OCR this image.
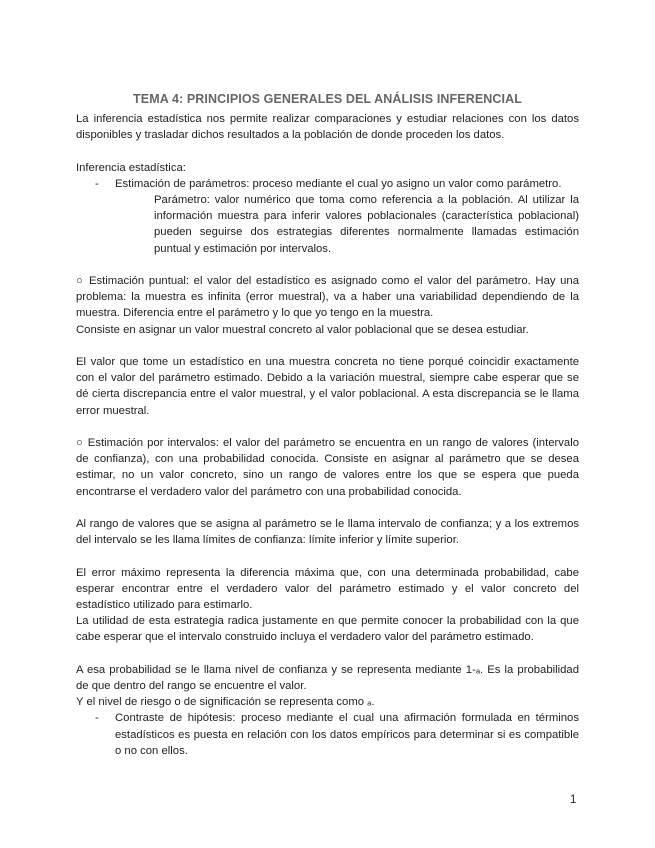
TEMA 4: PRINCIPIOS GENERALES DEL ANÁLISIS INFERENCIAL

La inferencia estadística nos permite realizar comparaciones y estudiar relaciones con los datos disponibles y trasladar dichos resultados a la población de donde proceden los datos.

Inferencia estadística:

- Estimación de parámetros: proceso mediante el cual yo asigno un valor como parámetro.

Parámetro: valor numérico que toma como referencia a la población. Al utilizar la información muestra para inferir valores poblacionales (característica poblacional) pueden seguirse dos estrategias diferentes normalmente llamadas estimación puntual y estimación por intervalos.

○ Estimación puntual: el valor del estadístico es asignado como el valor del parámetro. Hay una problema: la muestra es infinita (error muestral), va a haber una variabilidad dependiendo de la muestra. Diferencia entre el parámetro y lo que yo tengo en la muestra.

Consiste en asignar un valor muestral concreto al valor poblacional que se desea estudiar.

El valor que tome un estadístico en una muestra concreta no tiene porqué coincidir exactamente con el valor del parámetro estimado. Debido a la variación muestral, siempre cabe esperar que se dé cierta discrepancia entre el valor muestral, y el valor poblacional. A esta discrepancia se le llama error muestral.

○ Estimación por intervalos: el valor del parámetro se encuentra en un rango de valores (intervalo de confianza), con una probabilidad conocida. Consiste en asignar al parámetro que se desea estimar, no un valor concreto, sino un rango de valores entre los que se espera que pueda encontrarse el verdadero valor del parámetro con una probabilidad conocida.

Al rango de valores que se asigna al parámetro se le llama intervalo de confianza; y a los extremos del intervalo se les llama límites de confianza: límite inferior y límite superior.

El error máximo representa la diferencia máxima que, con una determinada probabilidad, cabe esperar encontrar entre el verdadero valor del parámetro estimado y el valor concreto del estadístico utilizado para estimarlo.

La utilidad de esta estrategia radica justamente en que permite conocer la probabilidad con la que cabe esperar que el intervalo construido incluya el verdadero valor del parámetro estimado.

A esa probabilidad se le llama nivel de confianza y se representa mediante 1-ₐ. Es la probabilidad de que dentro del rango se encuentre el valor.

Y el nivel de riesgo o de significación se representa como ₐ.

- Contraste de hipótesis: proceso mediante el cual una afirmación formulada en términos estadísticos es puesta en relación con los datos empíricos para determinar si es compatible o no con ellos.
1
